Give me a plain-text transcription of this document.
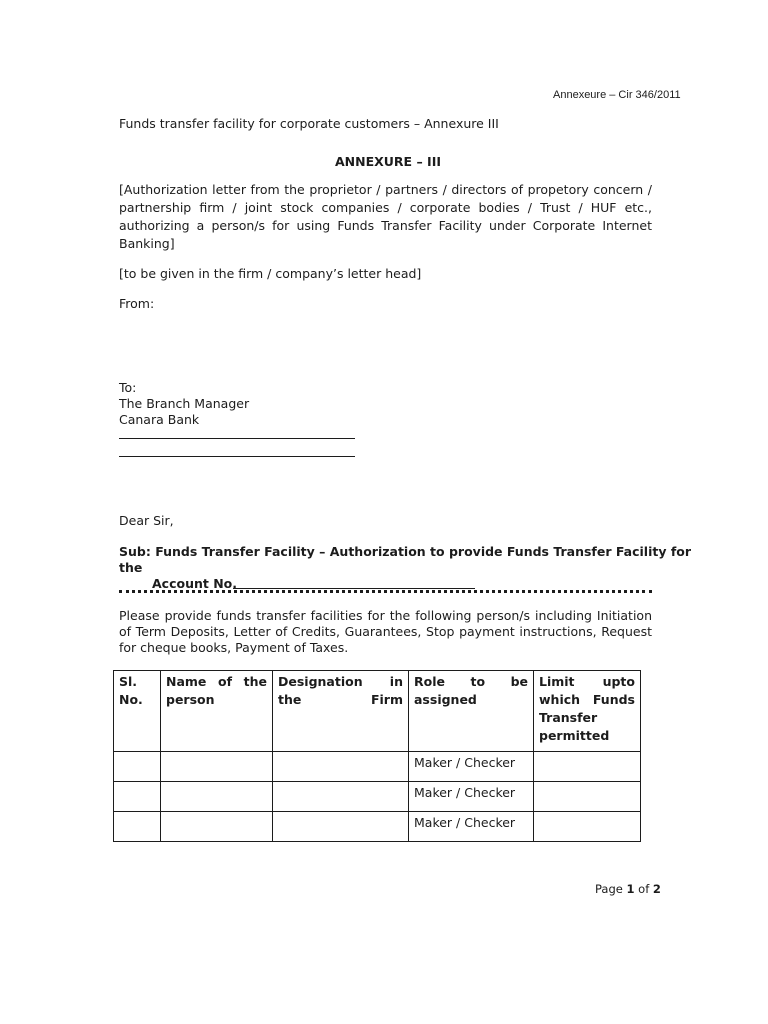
Annexeure – Cir 346/2011
Funds transfer facility for corporate customers – Annexure III
ANNEXURE – III
[Authorization letter from the proprietor / partners / directors of propetory concern /
partnership firm / joint stock companies / corporate bodies / Trust / HUF etc.,
authorizing a person/s for using Funds Transfer Facility under Corporate Internet
Banking]
[to be given in the firm / company’s letter head]
From:
To:
The Branch Manager
Canara Bank
Dear Sir,
Sub: Funds Transfer Facility – Authorization to provide Funds Transfer Facility for
the
Account No.
Please provide funds transfer facilities for the following person/s including Initiation
of Term Deposits, Letter of Credits, Guarantees, Stop payment instructions, Request
for cheque books, Payment of Taxes.
Sl. No.	Name of the person	Designation in the Firm	Role to be assigned	Limit upto which Funds Transfer permitted
			Maker / Checker	
			Maker / Checker	
			Maker / Checker	
Page 1 of 2
